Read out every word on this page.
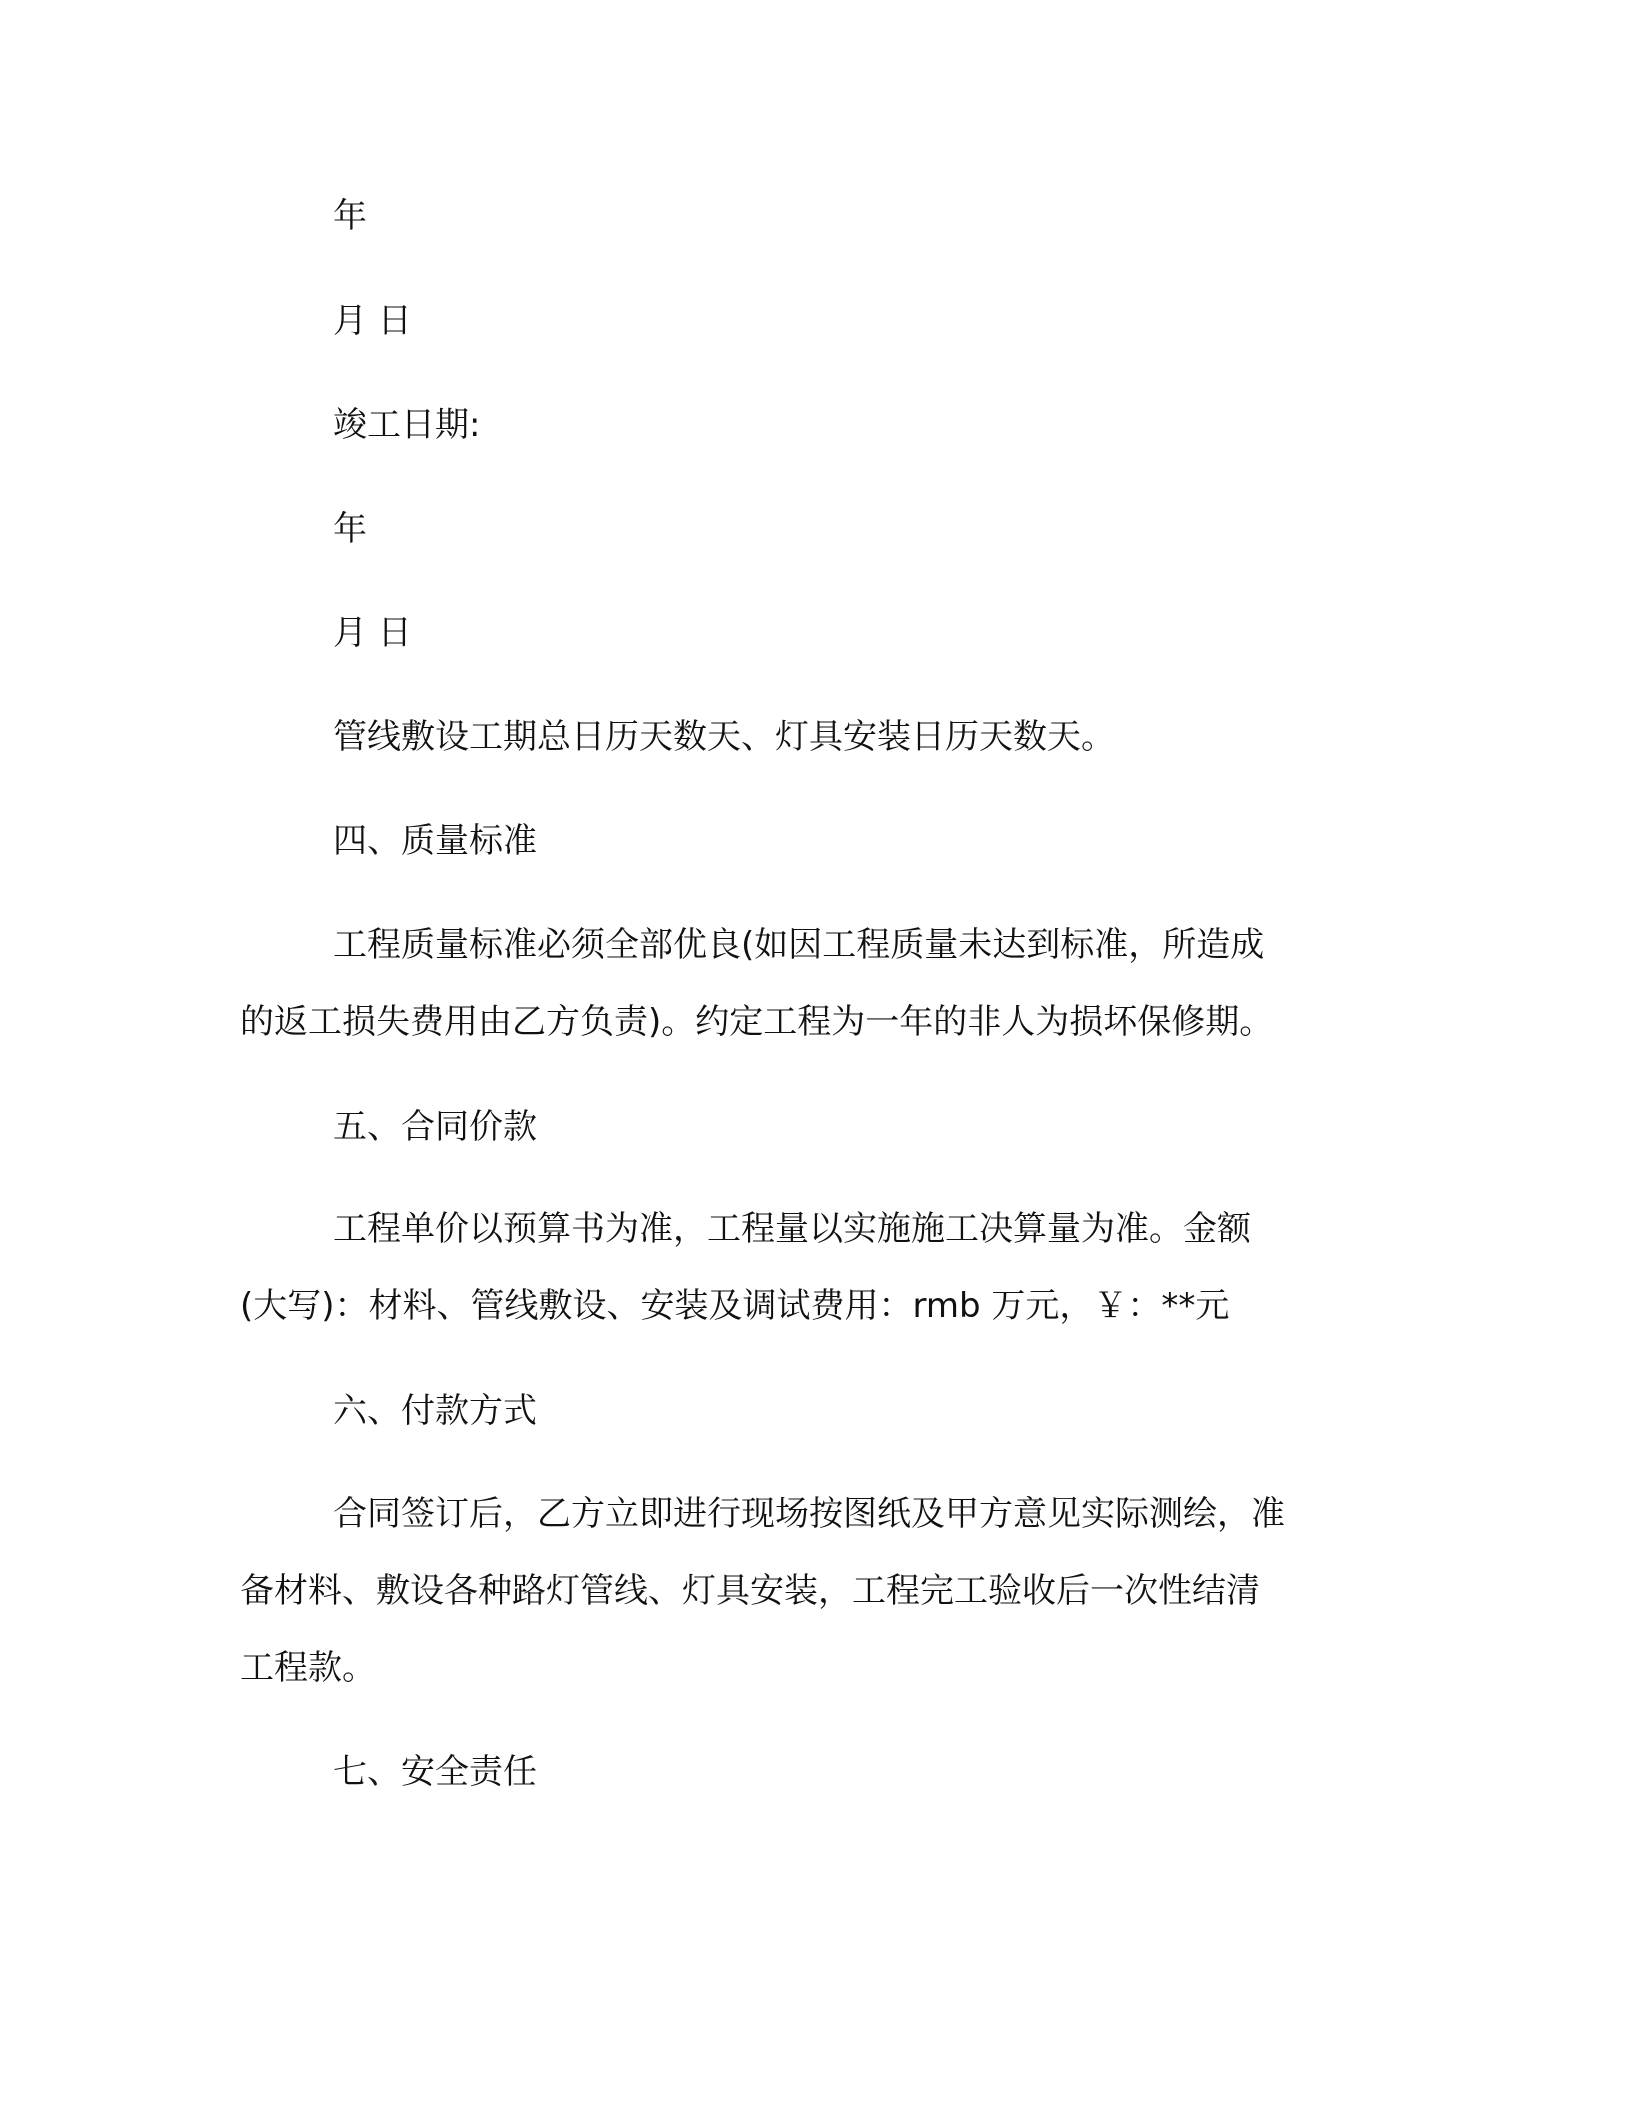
年

月 日

竣工日期:

年

月 日

管线敷设工期总日历天数天、灯具安装日历天数天。

四、质量标准

工程质量标准必须全部优良(如因工程质量未达到标准，所造成

的返工损失费用由乙方负责)。约定工程为一年的非人为损坏保修期。

五、合同价款

工程单价以预算书为准，工程量以实施施工决算量为准。金额

(大写)：材料、管线敷设、安装及调试费用：rmb 万元，￥：**元

六、付款方式

合同签订后，乙方立即进行现场按图纸及甲方意见实际测绘，准

备材料、敷设各种路灯管线、灯具安装，工程完工验收后一次性结清

工程款。

七、安全责任
